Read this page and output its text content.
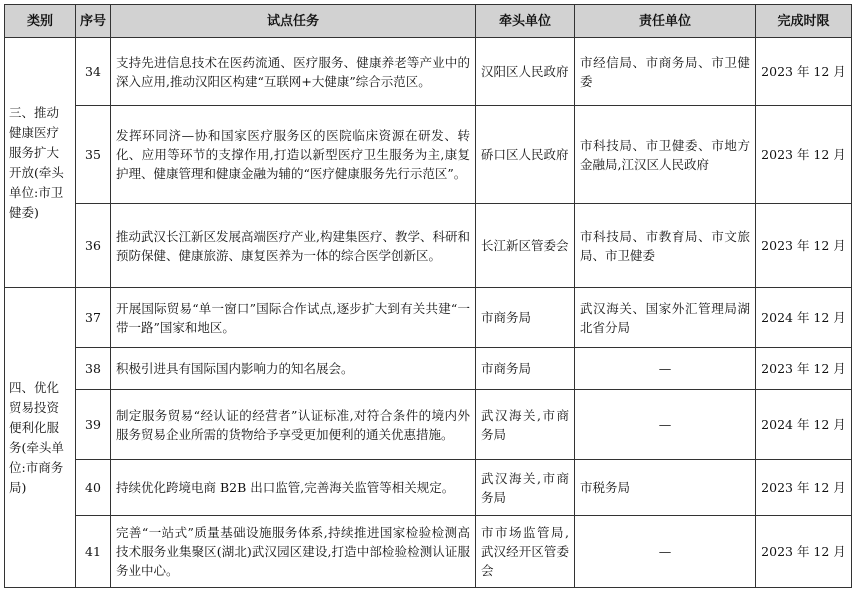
类别	序号	试点任务	牵头单位	责任单位	完成时限
三、推动健康医疗服务扩大开放(牵头单位:市卫健委)	34	支持先进信息技术在医药流通、医疗服务、健康养老等产业中的深入应用,推动汉阳区构建“互联网+大健康”综合示范区。	汉阳区人民政府	市经信局、市商务局、市卫健委	2023 年 12 月
	35	发挥环同济—协和国家医疗服务区的医院临床资源在研发、转化、应用等环节的支撑作用,打造以新型医疗卫生服务为主,康复护理、健康管理和健康金融为辅的“医疗健康服务先行示范区”。	硚口区人民政府	市科技局、市卫健委、市地方金融局,江汉区人民政府	2023 年 12 月
	36	推动武汉长江新区发展高端医疗产业,构建集医疗、教学、科研和预防保健、健康旅游、康复医养为一体的综合医学创新区。	长江新区管委会	市科技局、市教育局、市文旅局、市卫健委	2023 年 12 月
四、优化贸易投资便利化服务(牵头单位:市商务局)	37	开展国际贸易“单一窗口”国际合作试点,逐步扩大到有关共建“一带一路”国家和地区。	市商务局	武汉海关、国家外汇管理局湖北省分局	2024 年 12 月
	38	积极引进具有国际国内影响力的知名展会。	市商务局	—	2023 年 12 月
	39	制定服务贸易“经认证的经营者”认证标准,对符合条件的境内外服务贸易企业所需的货物给予享受更加便利的通关优惠措施。	武汉海关,市商务局	—	2024 年 12 月
	40	持续优化跨境电商 B2B 出口监管,完善海关监管等相关规定。	武汉海关,市商务局	市税务局	2023 年 12 月
	41	完善“一站式”质量基础设施服务体系,持续推进国家检验检测高技术服务业集聚区(湖北)武汉园区建设,打造中部检验检测认证服务业中心。	市市场监管局,武汉经开区管委会	—	2023 年 12 月
